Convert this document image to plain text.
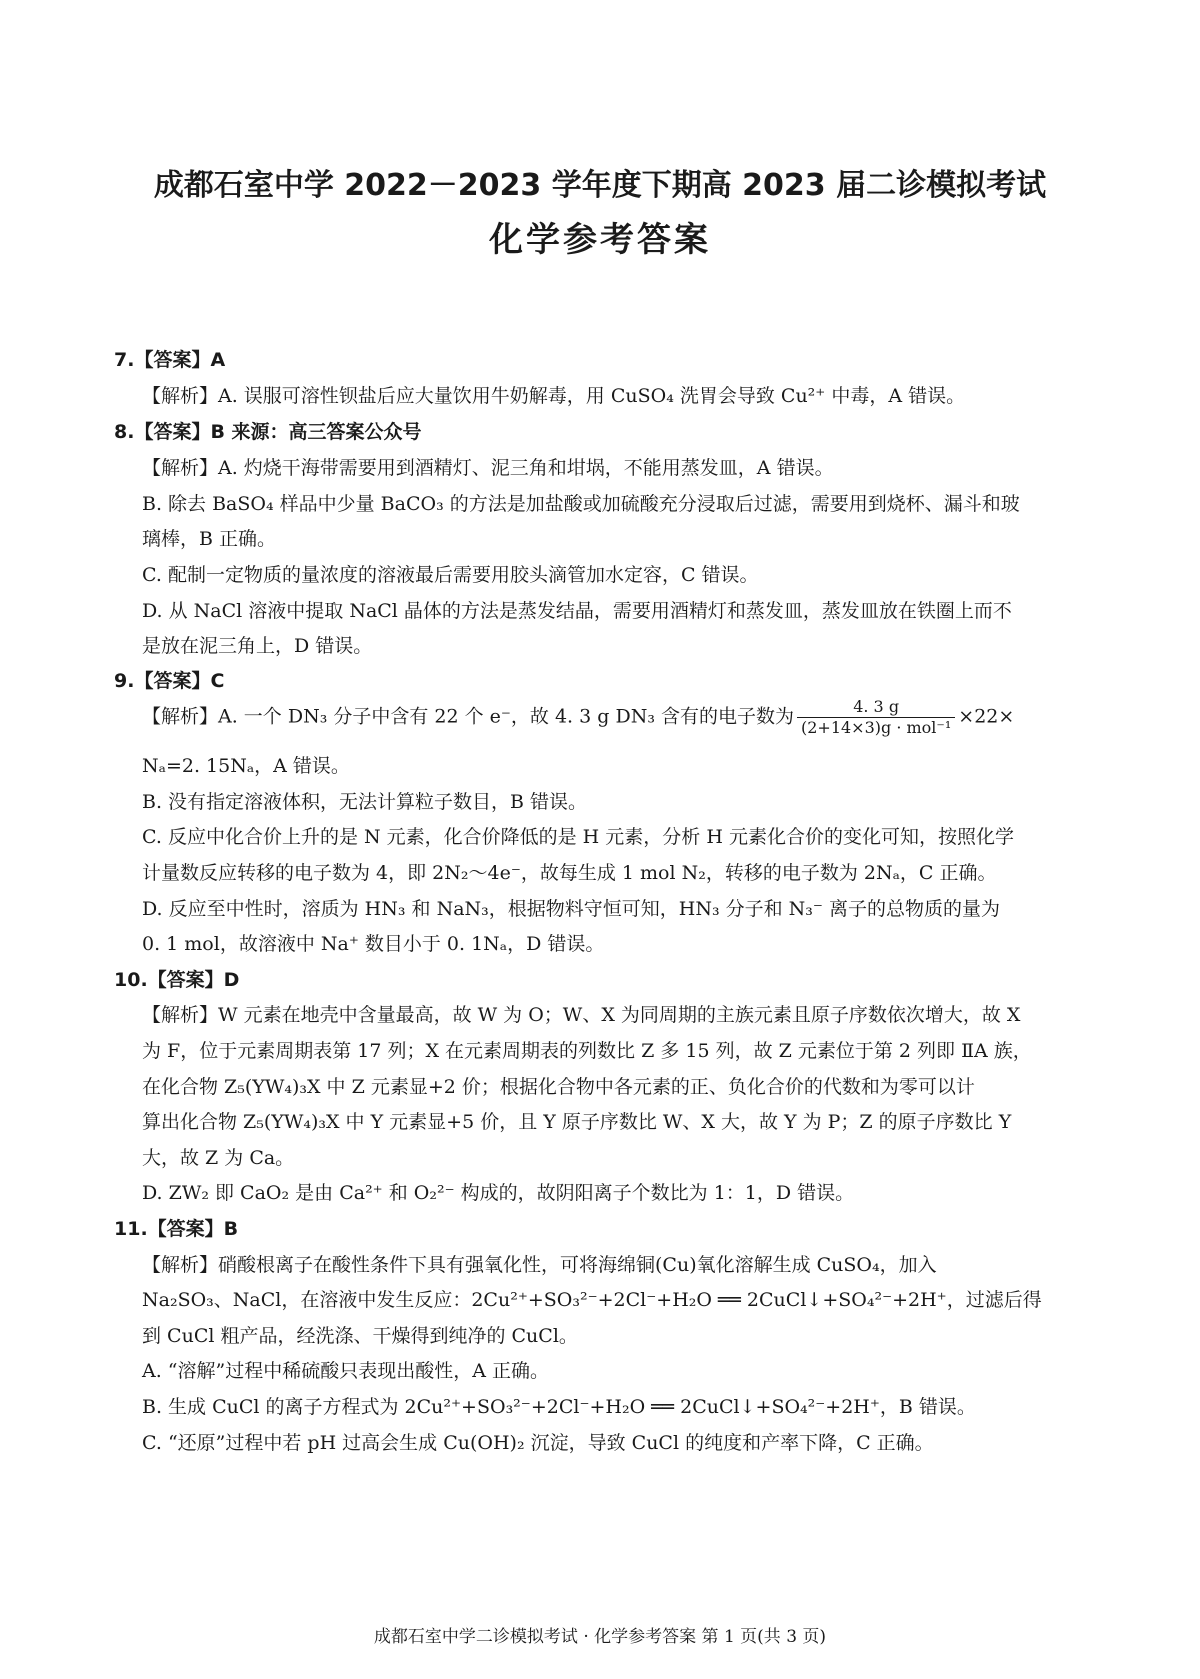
成都石室中学 2022－2023 学年度下期高 2023 届二诊模拟考试
化学参考答案
7.【答案】A
【解析】A. 误服可溶性钡盐后应大量饮用牛奶解毒，用 CuSO₄ 洗胃会导致 Cu²⁺ 中毒，A 错误。
8.【答案】B 来源：高三答案公众号
【解析】A. 灼烧干海带需要用到酒精灯、泥三角和坩埚，不能用蒸发皿，A 错误。
B. 除去 BaSO₄ 样品中少量 BaCO₃ 的方法是加盐酸或加硫酸充分浸取后过滤，需要用到烧杯、漏斗和玻
璃棒，B 正确。
C. 配制一定物质的量浓度的溶液最后需要用胶头滴管加水定容，C 错误。
D. 从 NaCl 溶液中提取 NaCl 晶体的方法是蒸发结晶，需要用酒精灯和蒸发皿，蒸发皿放在铁圈上而不
是放在泥三角上，D 错误。
9.【答案】C
【解析】A. 一个 DN₃ 分子中含有 22 个 e⁻，故 4. 3 g DN₃ 含有的电子数为 $\frac{4. 3 g}{\text{(2+14×3)g · mol⁻¹}} \times 22\times$
Nₐ=2. 15Nₐ，A 错误。
B. 没有指定溶液体积，无法计算粒子数目，B 错误。
C. 反应中化合价上升的是 N 元素，化合价降低的是 H 元素，分析 H 元素化合价的变化可知，按照化学
计量数反应转移的电子数为 4，即 2N₂～4e⁻，故每生成 1 mol N₂，转移的电子数为 2Nₐ，C 正确。
D. 反应至中性时，溶质为 HN₃ 和 NaN₃，根据物料守恒可知，HN₃ 分子和 N₃⁻ 离子的总物质的量为
0. 1 mol，故溶液中 Na⁺ 数目小于 0. 1Nₐ，D 错误。
10.【答案】D
【解析】W 元素在地壳中含量最高，故 W 为 O；W、X 为同周期的主族元素且原子序数依次增大，故 X
为 F，位于元素周期表第 17 列；X 在元素周期表的列数比 Z 多 15 列，故 Z 元素位于第 2 列即 ⅡA 族，
在化合物 Z₅(YW₄)₃X 中 Z 元素显+2 价；根据化合物中各元素的正、负化合价的代数和为零可以计
算出化合物 Z₅(YW₄)₃X 中 Y 元素显+5 价，且 Y 原子序数比 W、X 大，故 Y 为 P；Z 的原子序数比 Y
大，故 Z 为 Ca。
D. ZW₂ 即 CaO₂ 是由 Ca²⁺ 和 O₂²⁻ 构成的，故阴阳离子个数比为 1：1，D 错误。
11.【答案】B
【解析】硝酸根离子在酸性条件下具有强氧化性，可将海绵铜(Cu)氧化溶解生成 CuSO₄，加入
Na₂SO₃、NaCl，在溶液中发生反应：2Cu²⁺+SO₃²⁻+2Cl⁻+H₂O ══ 2CuCl↓+SO₄²⁻+2H⁺，过滤后得
到 CuCl 粗产品，经洗涤、干燥得到纯净的 CuCl。
A. “溶解”过程中稀硫酸只表现出酸性，A 正确。
B. 生成 CuCl 的离子方程式为 2Cu²⁺+SO₃²⁻+2Cl⁻+H₂O ══ 2CuCl↓+SO₄²⁻+2H⁺，B 错误。
C. “还原”过程中若 pH 过高会生成 Cu(OH)₂ 沉淀，导致 CuCl 的纯度和产率下降，C 正确。
成都石室中学二诊模拟考试 · 化学参考答案 第 1 页(共 3 页)
